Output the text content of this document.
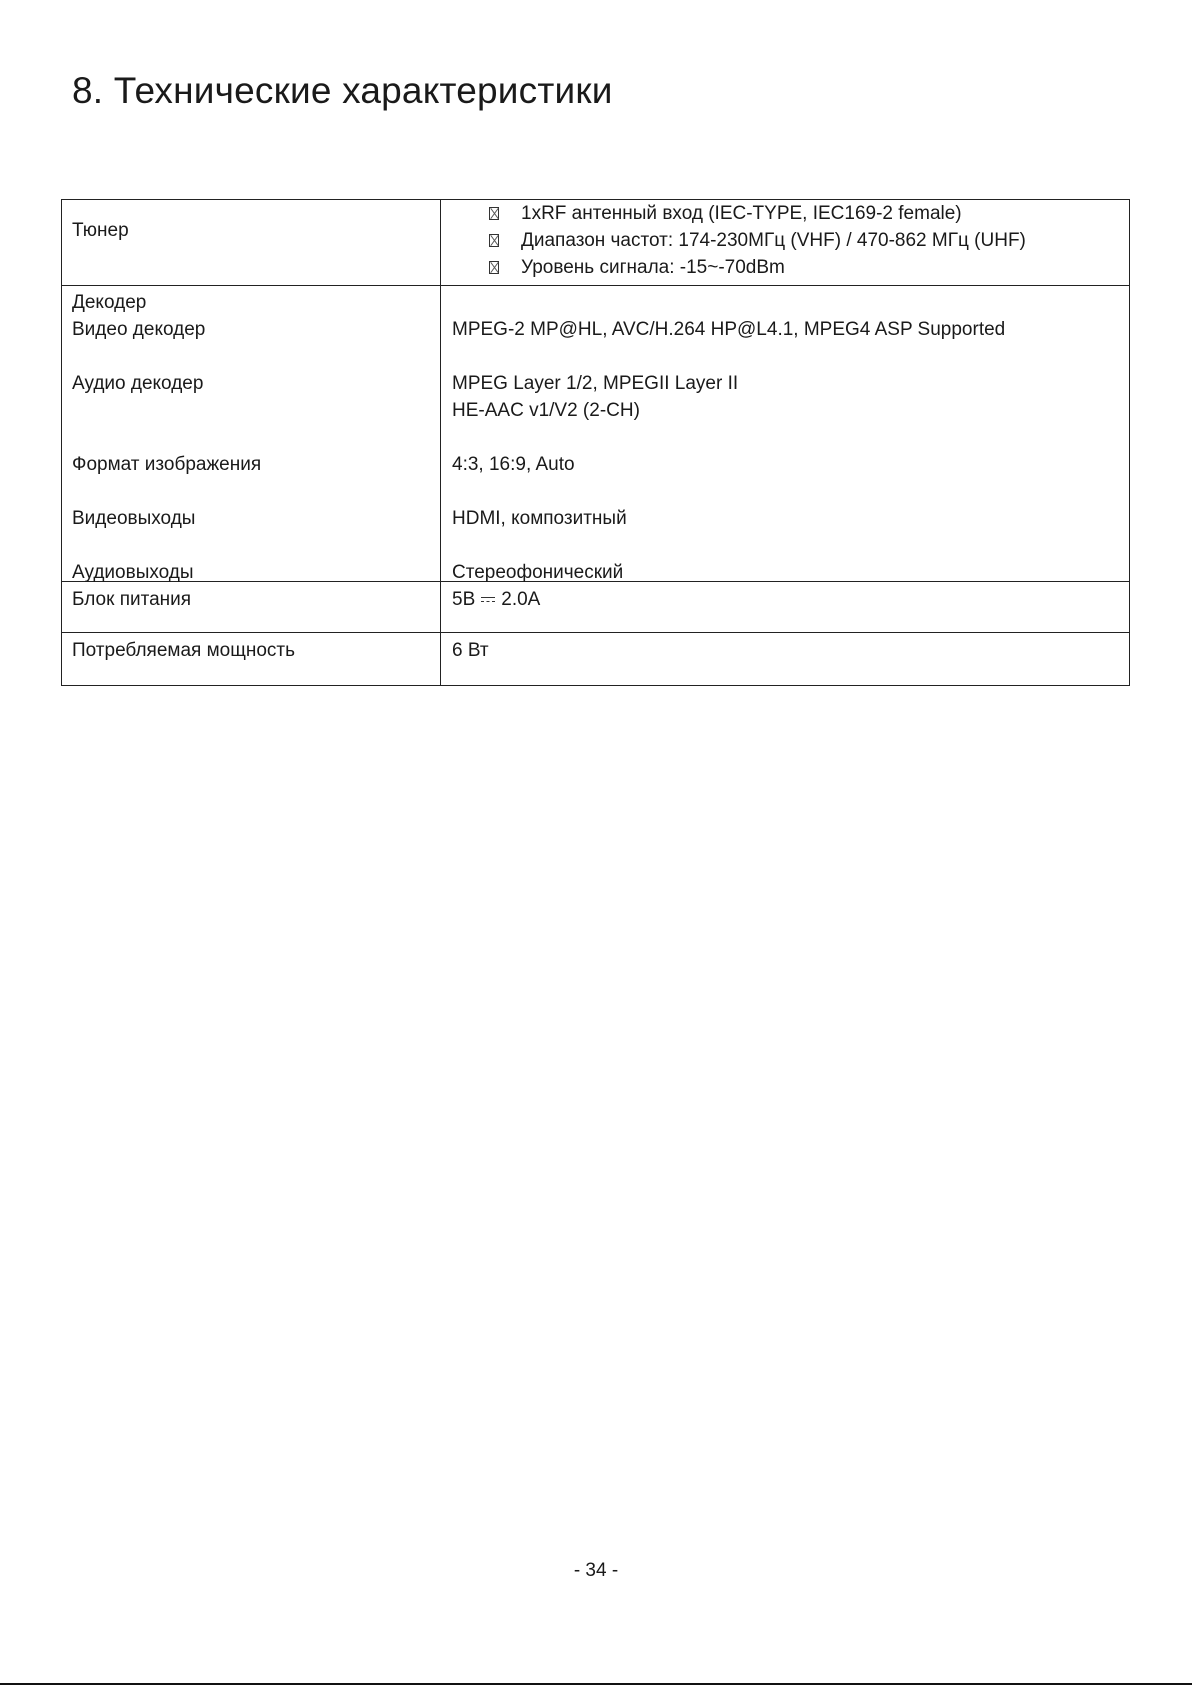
8. Технические характеристики
Тюнер
1xRF антенный вход (IEC-TYPE, IEC169-2 female)
Диапазон частот: 174-230МГц (VHF) / 470-862 МГц (UHF)
Уровень сигнала: -15~-70dBm
Декодер
Видео декодер
Аудио декодер
Формат изображения
Видеовыходы
Аудиовыходы
MPEG-2 MP@HL, AVC/H.264 HP@L4.1, MPEG4 ASP Supported
MPEG Layer 1/2, MPEGII Layer II
HE-AAC v1/V2 (2-CH)
4:3, 16:9, Auto
HDMI, композитный
Стереофонический
Блок питания	5В 2.0А
Потребляемая мощность	6 Вт
- 34 -
